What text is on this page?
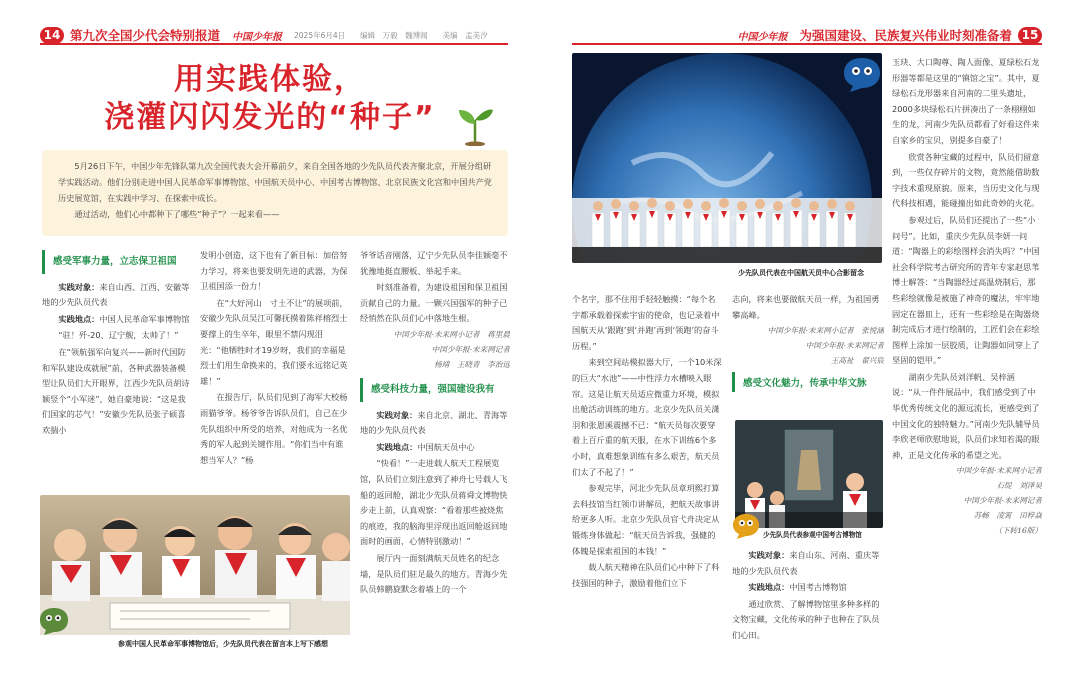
14 第九次全国少代会特别报道 中国少年报 2025年6月4日　　编辑　万毅　魏博闻　　美编　孟美汐
用实践体验，
浇灌闪闪发光的“种子”

5月26日下午，中国少年先锋队第九次全国代表大会开幕前夕，来自全国各地的少先队员代表齐聚北京，开展分组研学实践活动。他们分别走进中国人民革命军事博物馆、中国航天员中心、中国考古博物馆、北京民族文化宫和中国共产党历史展览馆，在实践中学习、在探索中成长。

通过活动，他们心中都种下了哪些“种子”？一起来看——

感受军事力量，立志保卫祖国

实践对象：来自山西、江西、安徽等地的少先队员代表

实践地点：中国人民革命军事博物馆

“驻！歼-20、辽宁舰，太帅了！”

在“领航强军向复兴——新时代国防和军队建设成就展”前，各种武器装备模型让队员们大开眼界，江西少先队员胡诗颖竖个“小军迷”，她自豪地说：“这是我们国家的芯气！”安徽少先队员张子硕喜欢揣小

发明小创造，这下也有了新目标：加倍努力学习，将来也要发明先进的武器，为保卫祖国添一份力！

在“大好河山　寸土不让”的展项前，安徽少先队员吴江可馨抚摸着陈祥榕烈士要撑上的生卒年，眼里不禁闪现泪光：“他牺牲时才19岁呀，我们的幸福是烈士们用生命换来的，我们要永远铭记英雄！”

在报告厅，队员们见到了海军大校杨雨猫爷爷。杨爷爷告诉队员们，自己在少先队组织中所受的培养，对他成为一名优秀的军人起到关键作用。“你们当中有谁想当军人？”杨

爷爷话音刚落，辽宁少先队员李佳颖毫不犹豫地挺直腰板、举起手来。

时刻准备着，为建设祖国和保卫祖国贡献自己的力量。一颗兴国强军的种子已经悄然在队员们心中落地生根。

中国少年报·未来网小记者　蒋里晨

中国少年报·未来网记者

杨靖　王晓青　李治远

感受科技力量，强国建设我有

实践对象：来自北京、湖北、青海等地的少先队员代表

实践地点：中国航天员中心

“快看！”一走进载人航天工程展览馆，队员们立刻注意到了神舟七号载人飞船的返回舱，湖北少先队员蒋舜文博物快步走上前，认真观察：“看着那些被烧焦的痕迹，我的脑海里浮现出返回舱返回地面时的画面，心情特别激动！”

展厅内一面刻满航天员姓名的纪念墙，是队员们驻足最久的地方。青海少先队员韩鹏旋默念着墙上的一个

参观中国人民革命军事博物馆后，少先队员代表在留言本上写下感想
中国少年报 为强国建设、民族复兴伟业时刻准备着 15
少先队员代表在中国航天员中心合影留念

玉玦、大口陶尊、陶人面像、夏绿松石龙形器等都是这里的“镇馆之宝”。其中，夏绿松石龙形器来自河南的二里头遗址，2000多块绿松石片拼凑出了一条栩栩如生的龙，河南少先队员都看了好看这件来自家乡的宝贝，别提多自豪了！

欣赏各种宝藏的过程中，队员们留意到，一些仅存碎片的文物，竟然能借助数字技术重现原貌。原来，当历史文化与现代科技相遇，能碰撞出如此奇妙的火花。

参观过后，队员们还提出了一些“小问号”。比如，重庆少先队员李妍一问道：“陶器上的彩绘图样会消失吗？”中国社会科学院考古研究所的青年专家赵思苇博士解答：“当陶器经过高温烧制后，那些彩绘就像是被施了神奇的魔法，牢牢地固定在器皿上，还有一些彩绘是在陶器烧制完成后才进行绘制的，工匠们会在彩绘图样上涂加一层胶质，让陶器如同穿上了坚固的铠甲。”

湖南少先队员刘洋帆、吴梓涵说：“从一件件展品中，我们感受到了中华优秀传统文化的源远流长，更感受到了中国文化的独特魅力。”河南少先队辅导员李欣老师欣慰地说，队员们求知若渴的眼神，正是文化传承的希望之光。

中国少年报·未来网小记者

石缇　刘泽昊

中国少年报·未来网记者

苏畅　凌霄　田梓焱

（下转16版）

个名字，那不住用手轻轻触摸：“每个名字都承载着探索宇宙的使命，也记录着中国航天从‘跟跑’到‘并跑’再到‘领跑’的奋斗历程。”

来到空间站模拟器大厅，一个10米深的巨大“水池”——中性浮力水槽映入眼帘。这是让航天员适应微重力环境，模拟出舱活动训练的地方。北京少先队员关潇羽和张恩溪震撼不已：“航天员每次要穿着上百斤重的航天服，在水下训练6个多小时，真难想象训练有多么艰苦，航天员们太了不起了！”

参观完毕，河北少先队员章玥熙打算去科技馆当红领巾讲解员，把航天故事讲给更多人听。北京少先队员官弋舟决定从锻炼身体做起：“航天员告诉我，强健的体魄是探索祖国的本钱！”

载人航天精神在队员们心中种下了科技强国的种子，激励着他们立下

志向，将来也要做航天员一样，为祖国勇攀高峰。

中国少年报·未来网小记者　张悦涵

中国少年报·未来网记者

王高祉　翟兴宸

感受文化魅力，传承中华文脉
少先队员代表参观中国考古博物馆

实践对象：来自山东、河南、重庆等地的少先队员代表

实践地点：中国考古博物馆

通过欣赏、了解博物馆里多种多样的文物宝藏，文化传承的种子也种在了队员们心田。
